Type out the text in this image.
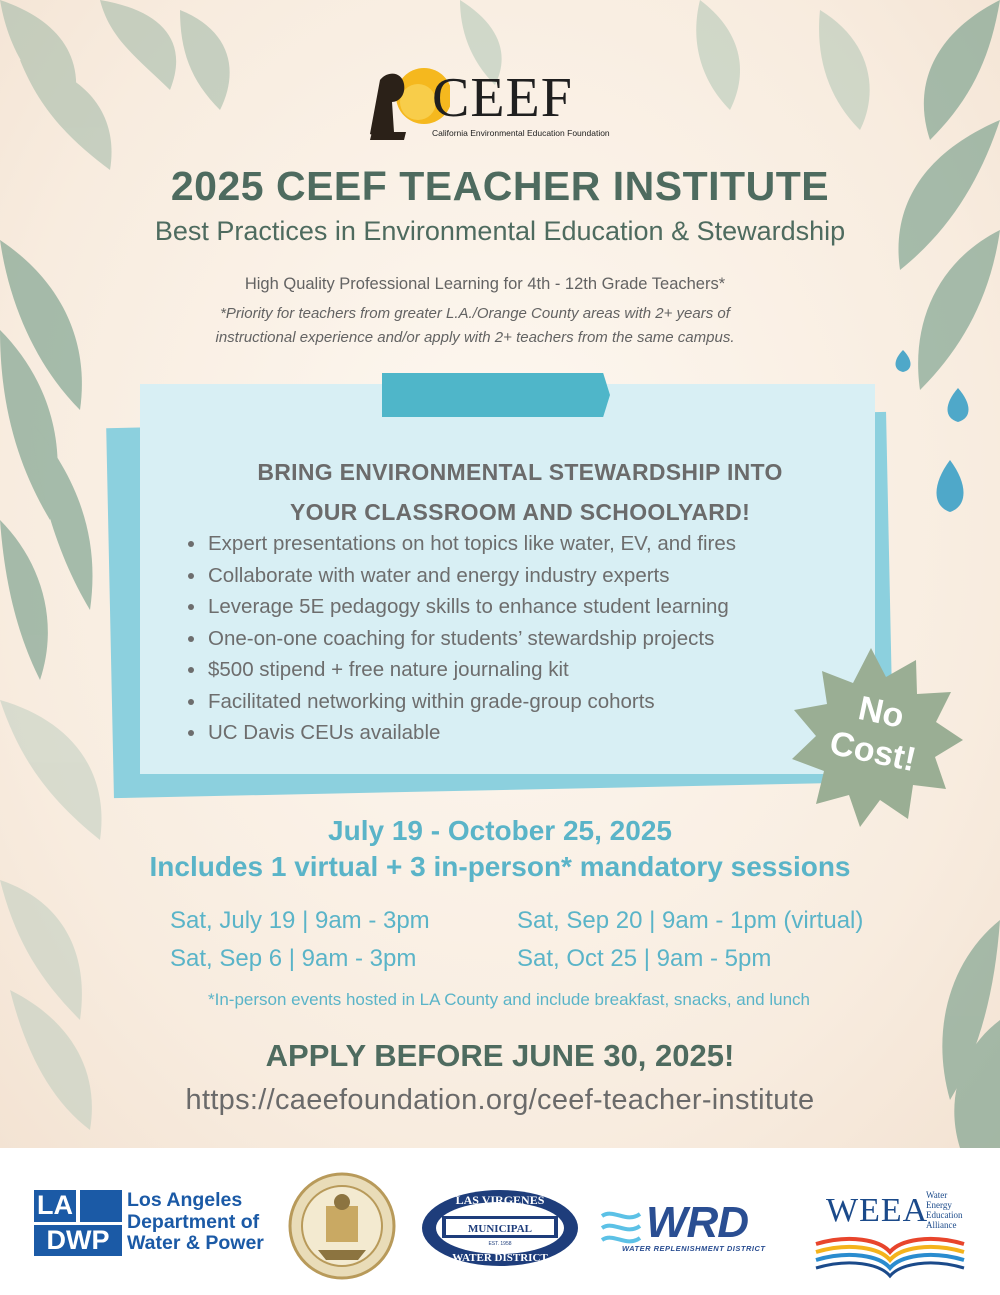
CEEF
California Environmental Education Foundation
2025 CEEF TEACHER INSTITUTE
Best Practices in Environmental Education & Stewardship
High Quality Professional Learning for 4th - 12th Grade Teachers*
*Priority for teachers from greater L.A./Orange County areas with 2+ years of
instructional experience and/or apply with 2+ teachers from the same campus.
BRING ENVIRONMENTAL STEWARDSHIP INTO
YOUR CLASSROOM AND SCHOOLYARD!
Expert presentations on hot topics like water, EV, and fires
Collaborate with water and energy industry experts
Leverage 5E pedagogy skills to enhance student learning
One-on-one coaching for students’ stewardship projects
$500 stipend + free nature journaling kit
Facilitated networking within grade-group cohorts
UC Davis CEUs available	No
Cost!
July 19 - October 25, 2025
Includes 1 virtual + 3 in-person* mandatory sessions
Sat, July 19 | 9am - 3pm
Sat, Sep 6 | 9am - 3pm
Sat, Sep 20 | 9am - 1pm (virtual)
Sat, Oct 25 | 9am - 5pm
*In-person events hosted in LA County and include breakfast, snacks, and lunch
APPLY BEFORE JUNE 30, 2025!
https://caeefoundation.org/ceef-teacher-institute
LA
DWP
Los Angeles
Department of
Water & Power
LAS VIRGENES
MUNICIPAL
EST. 1958
WATER DISTRICT
WRD
WATER REPLENISHMENT DISTRICT
WEEA
Water
Energy
Education
Alliance
